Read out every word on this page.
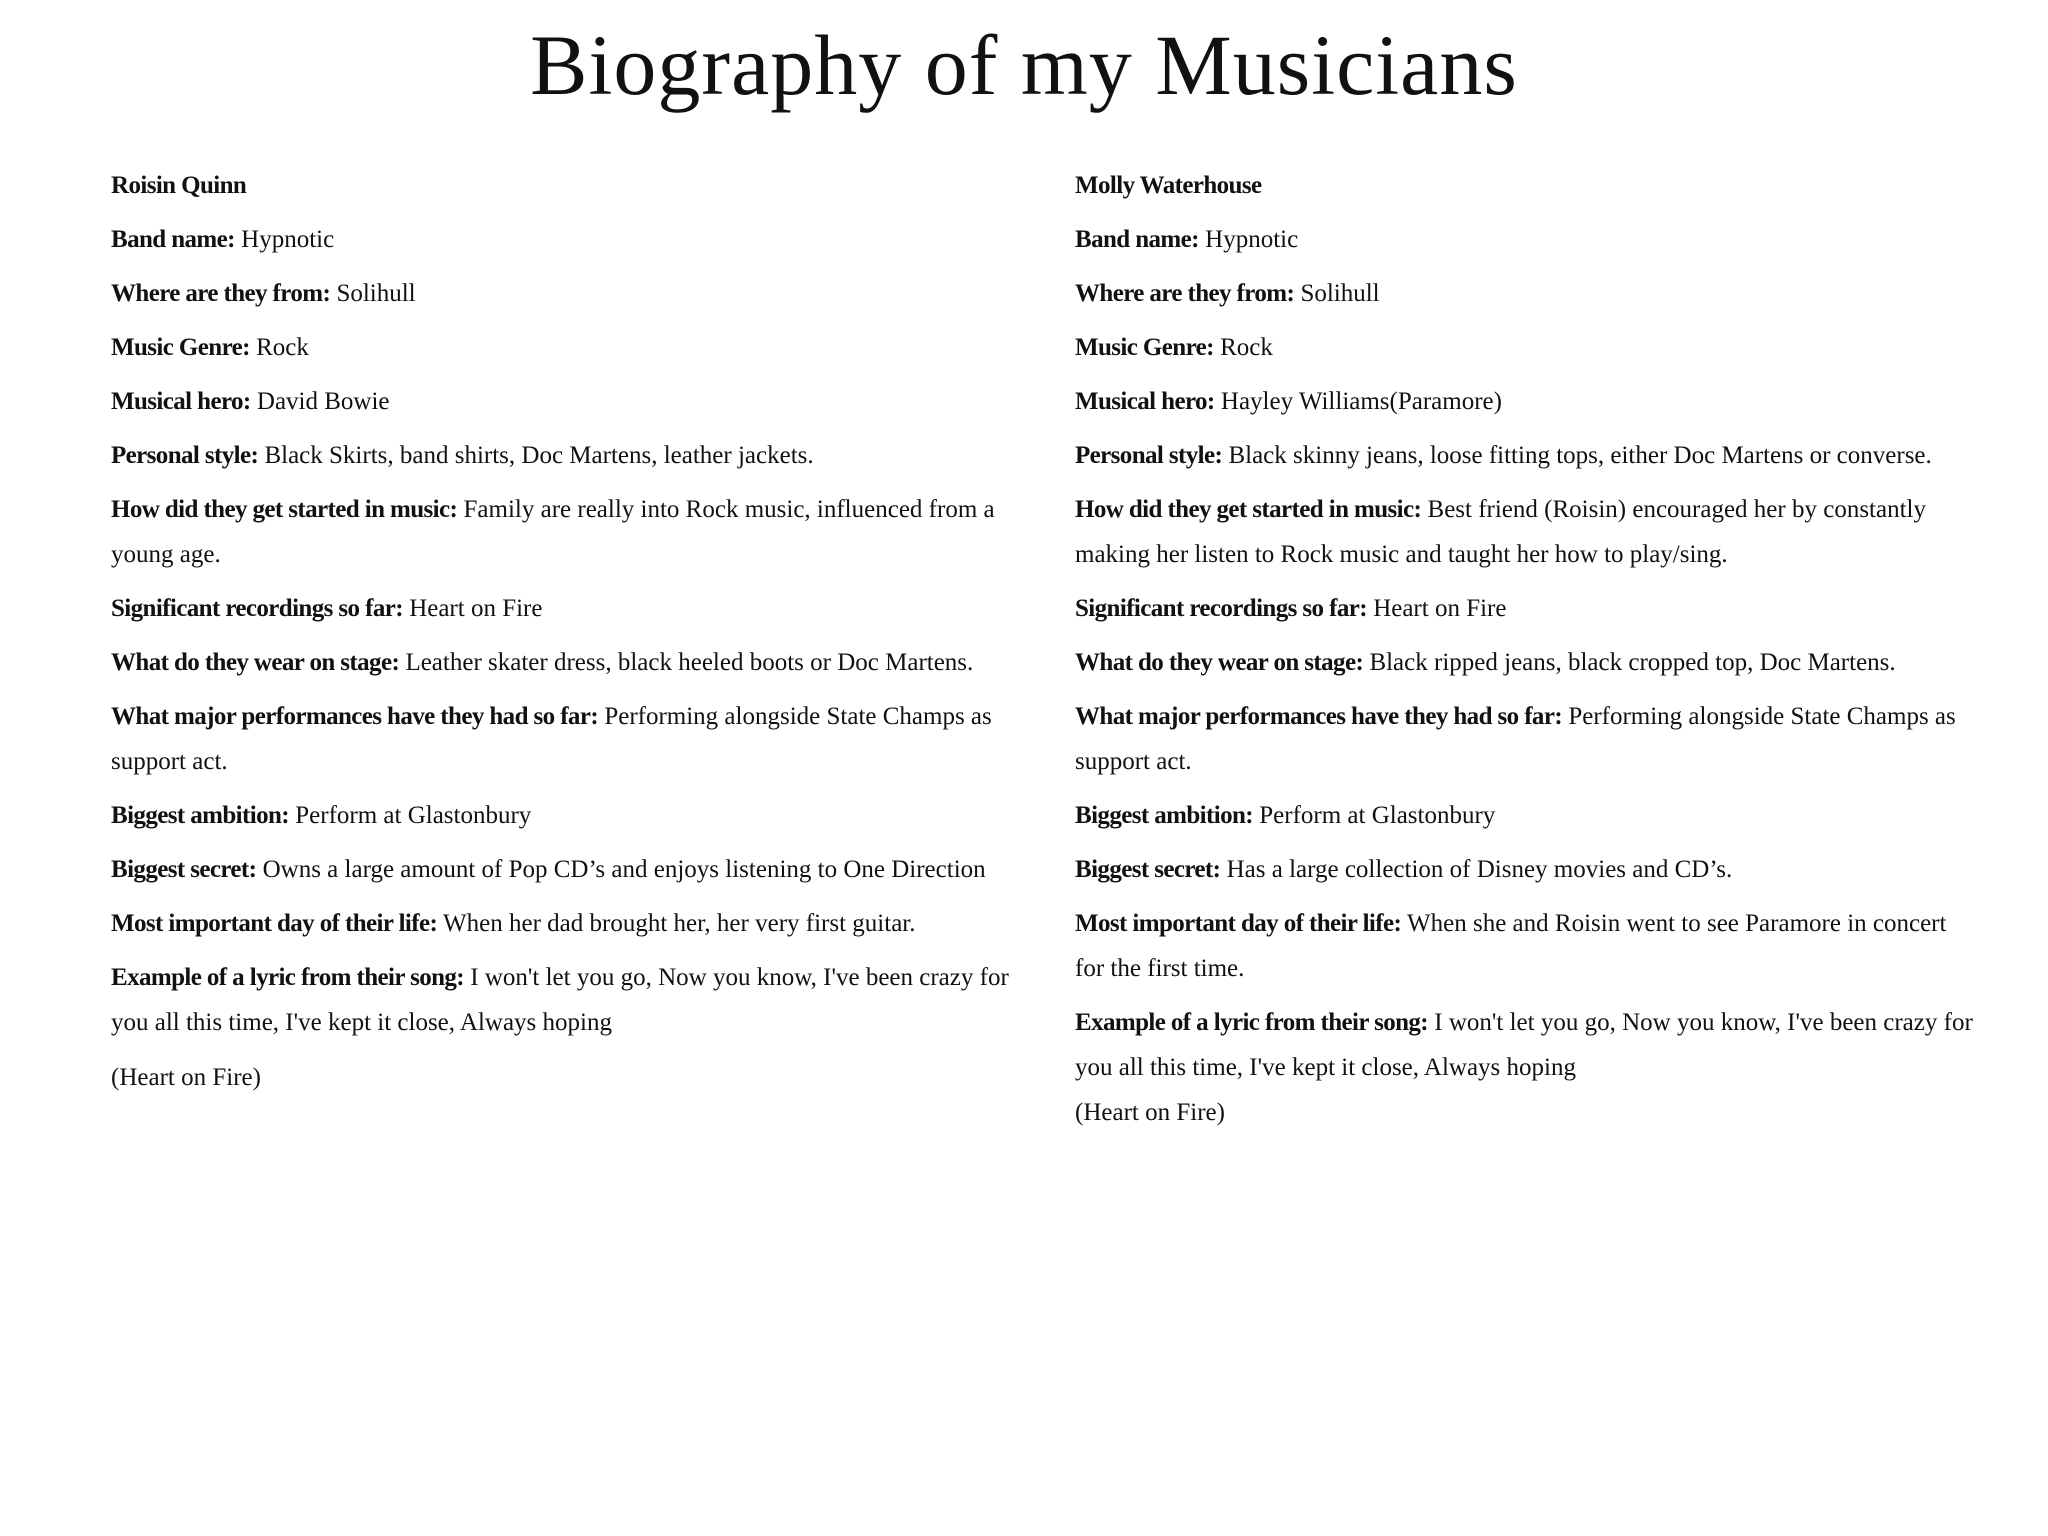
Biography of my Musicians
Roisin Quinn
Band name: Hypnotic
Where are they from: Solihull
Music Genre: Rock
Musical hero: David Bowie
Personal style: Black Skirts, band shirts, Doc Martens, leather jackets.
How did they get started in music: Family are really into Rock music, influenced from a young age.
Significant recordings so far: Heart on Fire
What do they wear on stage: Leather skater dress, black heeled boots or Doc Martens.
What major performances have they had so far: Performing alongside State Champs as support act.
Biggest ambition: Perform at Glastonbury
Biggest secret: Owns a large amount of Pop CD’s and enjoys listening to One Direction
Most important day of their life: When her dad brought her, her very first guitar.
Example of a lyric from their song: I won't let you go, Now you know, I've been crazy for you all this time, I've kept it close, Always hoping
(Heart on Fire)
Molly Waterhouse
Band name: Hypnotic
Where are they from: Solihull
Music Genre: Rock
Musical hero: Hayley Williams(Paramore)
Personal style: Black skinny jeans, loose fitting tops, either Doc Martens or converse.
How did they get started in music: Best friend (Roisin) encouraged her by constantly making her listen to Rock music and taught her how to play/sing.
Significant recordings so far: Heart on Fire
What do they wear on stage: Black ripped jeans, black cropped top, Doc Martens.
What major performances have they had so far: Performing alongside State Champs as support act.
Biggest ambition: Perform at Glastonbury
Biggest secret: Has a large collection of Disney movies and CD’s.
Most important day of their life: When she and Roisin went to see Paramore in concert for the first time.
Example of a lyric from their song: I won't let you go, Now you know, I've been crazy for you all this time, I've kept it close, Always hoping
(Heart on Fire)
